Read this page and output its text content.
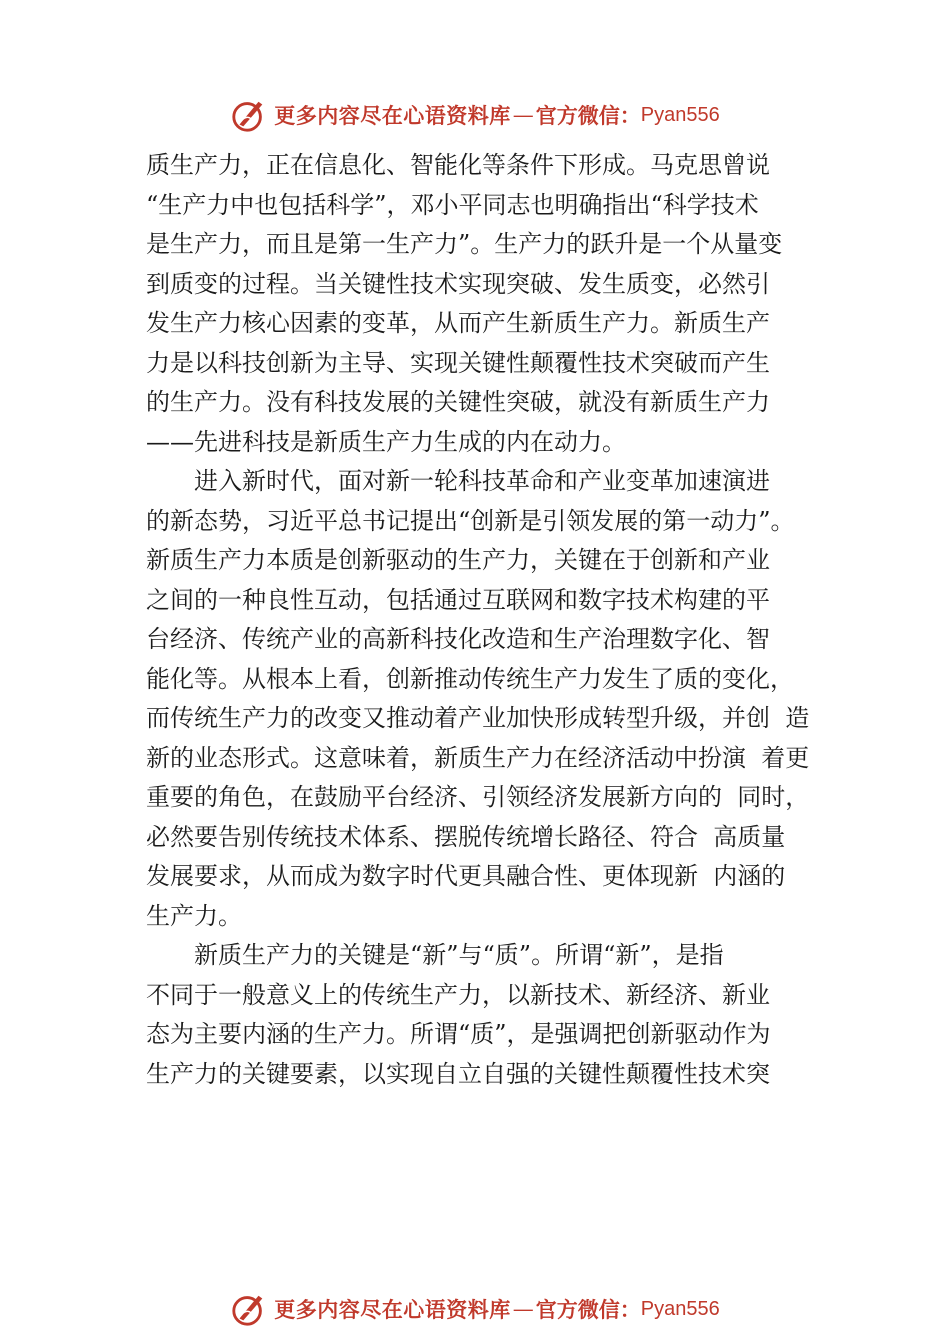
更多内容尽在心语资料库 — 官方微信： Pyan556
质生产力，正在信息化、智能化等条件下形成。马克思曾说
“生产力中也包括科学”，邓小平同志也明确指出“科学技术
是生产力，而且是第一生产力”。生产力的跃升是一个从量变
到质变的过程。当关键性技术实现突破、发生质变，必然引
发生产力核心因素的变革，从而产生新质生产力。新质生产
力是以科技创新为主导、实现关键性颠覆性技术突破而产生
的生产力。没有科技发展的关键性突破，就没有新质生产力
——先进科技是新质生产力生成的内在动力。
进入新时代，面对新一轮科技革命和产业变革加速演进
的新态势，习近平总书记提出“创新是引领发展的第一动力”。
新质生产力本质是创新驱动的生产力，关键在于创新和产业
之间的一种良性互动，包括通过互联网和数字技术构建的平
台经济、传统产业的高新科技化改造和生产治理数字化、智
能化等。从根本上看，创新推动传统生产力发生了质的变化，
而传统生产力的改变又推动着产业加快形成转型升级，并创  造
新的业态形式。这意味着，新质生产力在经济活动中扮演  着更
重要的角色，在鼓励平台经济、引领经济发展新方向的  同时，
必然要告别传统技术体系、摆脱传统增长路径、符合  高质量
发展要求，从而成为数字时代更具融合性、更体现新  内涵的
生产力。
新质生产力的关键是“新”与“质”。所谓“新”，是指
不同于一般意义上的传统生产力，以新技术、新经济、新业
态为主要内涵的生产力。所谓“质”，是强调把创新驱动作为
生产力的关键要素，以实现自立自强的关键性颠覆性技术突
更多内容尽在心语资料库 — 官方微信： Pyan556
